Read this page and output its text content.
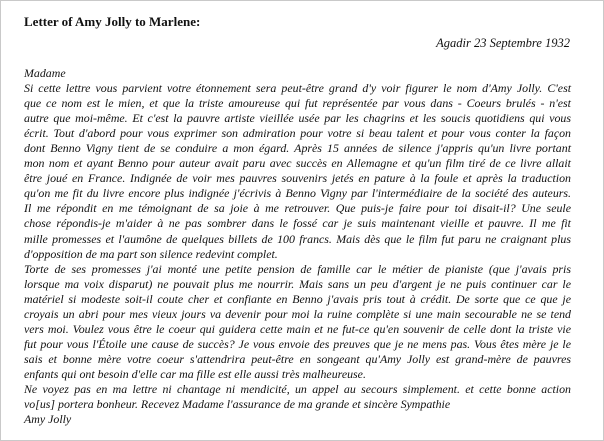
Letter of Amy Jolly to Marlene:
Agadir 23 Septembre 1932
Madame
Si cette lettre vous parvient votre étonnement sera peut-être grand d'y voir figurer le nom d'Amy Jolly. C'est
que ce nom est le mien, et que la triste amoureuse qui fut représentée par vous dans - Coeurs brulés - n'est
autre que moi-même. Et c'est la pauvre artiste vieillée usée par les chagrins et les soucis quotidiens qui vous
écrit. Tout d'abord pour vous exprimer son admiration pour votre si beau talent et pour vous conter la façon
dont Benno Vigny tient de se conduire a mon égard. Après 15 années de silence j'appris qu'un livre portant
mon nom et ayant Benno pour auteur avait paru avec succès en Allemagne et qu'un film tiré de ce livre allait
être joué en France. Indignée de voir mes pauvres souvenirs jetés en pature à la foule et après la traduction
qu'on me fit du livre encore plus indignée j'écrivis à Benno Vigny par l'intermédiaire de la société des auteurs.
Il me répondit en me témoignant de sa joie à me retrouver. Que puis-je faire pour toi disait-il? Une seule
chose répondis-je m'aider à ne pas sombrer dans le fossé car je suis maintenant vieille et pauvre. Il me fit
mille promesses et l'aumône de quelques billets de 100 francs. Mais dès que le film fut paru ne craignant plus
d'opposition de ma part son silence redevint complet.
Torte de ses promesses j'ai monté une petite pension de famille car le métier de pianiste (que j'avais pris
lorsque ma voix disparut) ne pouvait plus me nourrir. Mais sans un peu d'argent je ne puis continuer car le
matériel si modeste soit-il coute cher et confiante en Benno j'avais pris tout à crédit. De sorte que ce que je
croyais un abri pour mes vieux jours va devenir pour moi la ruine complète si une main secourable ne se tend
vers moi. Voulez vous être le coeur qui guidera cette main et ne fut-ce qu'en souvenir de celle dont la triste vie
fut pour vous l'Étoile une cause de succès? Je vous envoie des preuves que je ne mens pas. Vous êtes mère je le
sais et bonne mère votre coeur s'attendrira peut-être en songeant qu'Amy Jolly est grand-mère de pauvres
enfants qui ont besoin d'elle car ma fille est elle aussi très malheureuse.
Ne voyez pas en ma lettre ni chantage ni mendicité, un appel au secours simplement. et cette bonne action
vo[us] portera bonheur. Recevez Madame l'assurance de ma grande et sincère Sympathie
Amy Jolly
